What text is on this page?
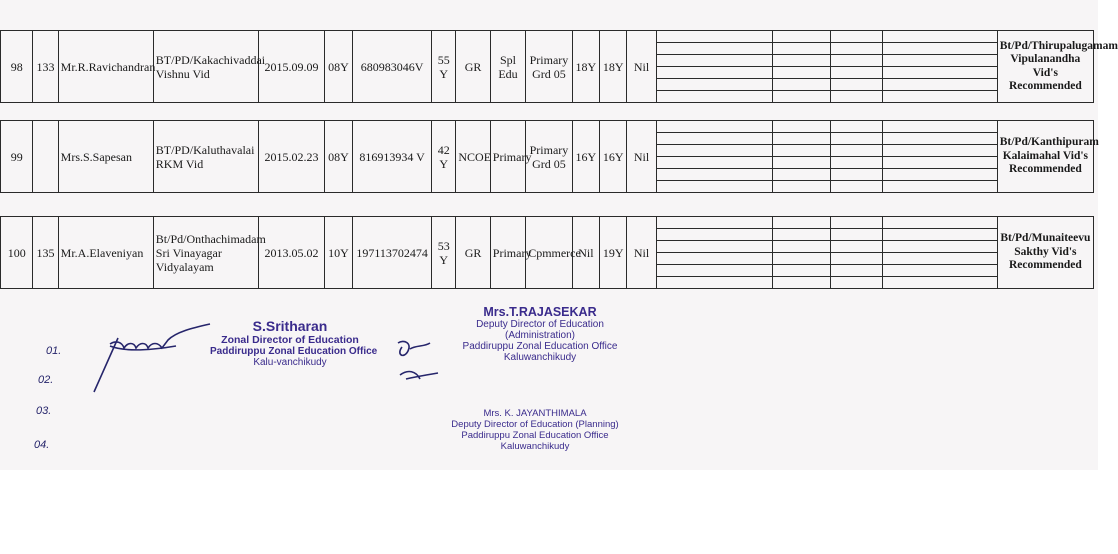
98	133	Mr.R.Ravichandran	BT/PD/Kakachivaddai Vishnu Vid	2015.09.09	08Y	680983046V	55 Y	GR	Spl Edu	Primary Grd 05	18Y	18Y	Nil					Bt/Pd/Thirupalugamam Vipulanandha Vid's Recommended

99		Mrs.S.Sapesan	BT/PD/Kaluthavalai RKM Vid	2015.02.23	08Y	816913934 V	42 Y	NCOE	Primary	Primary Grd 05	16Y	16Y	Nil					Bt/Pd/Kanthipuram Kalaimahal Vid's Recommended

100	135	Mr.A.Elaveniyan	Bt/Pd/Onthachimadam Sri Vinayagar Vidyalayam	2013.05.02	10Y	197113702474	53 Y	GR	Primary	Cpmmerce	Nil	19Y	Nil					Bt/Pd/Munaiteevu Sakthy Vid's Recommended

01.
02.
03.
04.
S.Sritharan
Zonal Director of Education
Paddiruppu Zonal Education Office
Kalu-vanchikudy
Mrs.T.RAJASEKAR
Deputy Director of Education
(Administration)
Paddiruppu Zonal Education Office
Kaluwanchikudy
Mrs. K. JAYANTHIMALA
Deputy Director of Education (Planning)
Paddiruppu Zonal Education Office
Kaluwanchikudy
